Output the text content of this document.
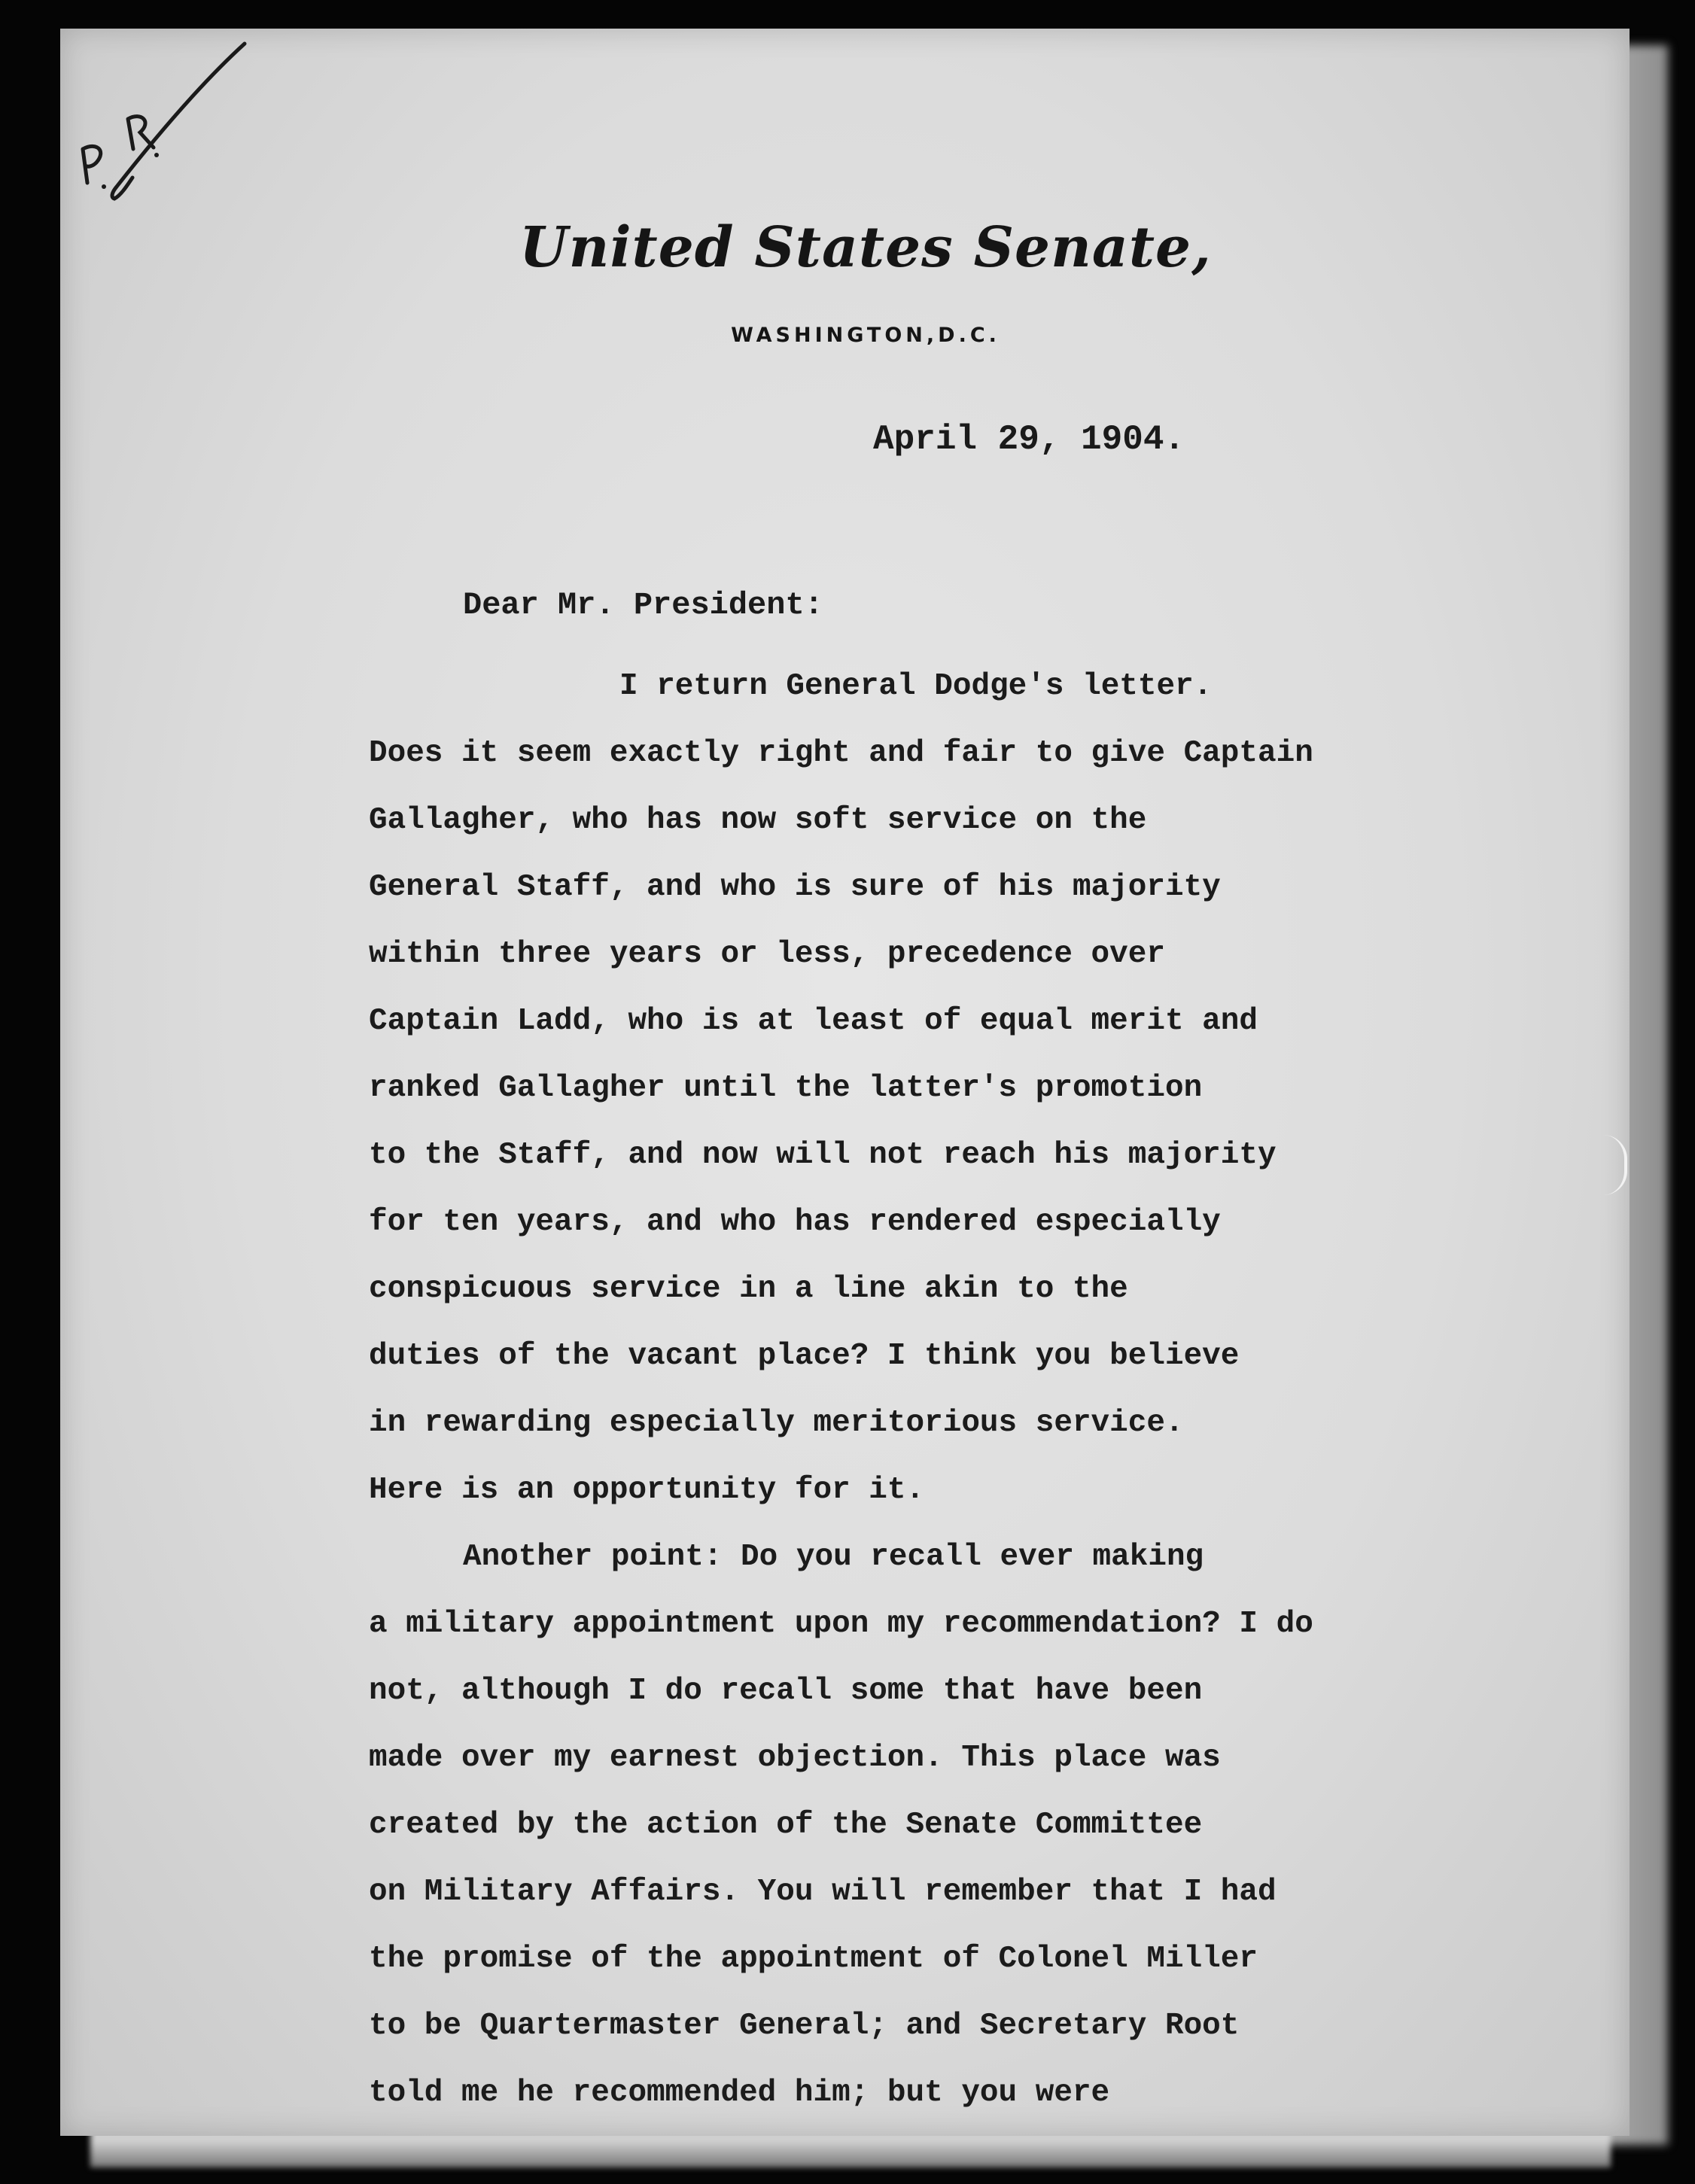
United States Senate,
WASHINGTON,D.C.
April 29, 1904.
Dear Mr. President:
I return General Dodge's letter.
Does it seem exactly right and fair to give Captain
Gallagher, who has now soft service on the
General Staff, and who is sure of his majority
within three years or less, precedence over
Captain Ladd, who is at least of equal merit and
ranked Gallagher until the latter's promotion
to the Staff, and now will not reach his majority
for ten years, and who has rendered especially
conspicuous service in a line akin to the
duties of the vacant place? I think you believe
in rewarding especially meritorious service.
Here is an opportunity for it.
Another point: Do you recall ever making
a military appointment upon my recommendation? I do
not, although I do recall some that have been
made over my earnest objection. This place was
created by the action of the Senate Committee
on Military Affairs. You will remember that I had
the promise of the appointment of Colonel Miller
to be Quartermaster General; and Secretary Root
told me he recommended him; but you were
